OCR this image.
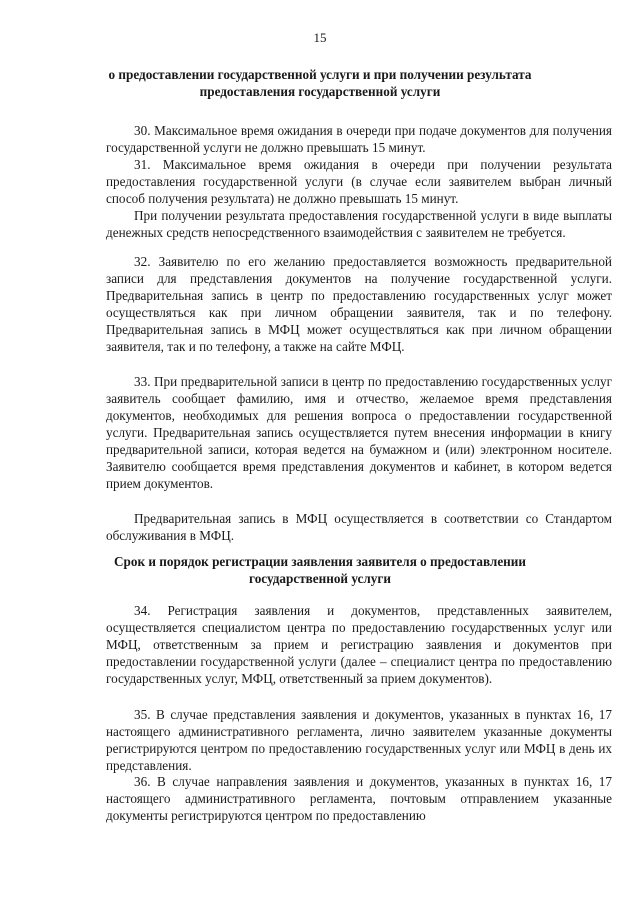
15
о предоставлении государственной услуги и при получении результата предоставления государственной услуги
30. Максимальное время ожидания в очереди при подаче документов для получения государственной услуги не должно превышать 15 минут.
31. Максимальное время ожидания в очереди при получении результата предоставления государственной услуги (в случае если заявителем выбран личный способ получения результата) не должно превышать 15 минут.
При получении результата предоставления государственной услуги в виде выплаты денежных средств непосредственного взаимодействия с заявителем не требуется.
32. Заявителю по его желанию предоставляется возможность предварительной записи для представления документов на получение государственной услуги. Предварительная запись в центр по предоставлению государственных услуг может осуществляться как при личном обращении заявителя, так и по телефону. Предварительная запись в МФЦ может осуществляться как при личном обращении заявителя, так и по телефону, а также на сайте МФЦ.
33. При предварительной записи в центр по предоставлению государственных услуг заявитель сообщает фамилию, имя и отчество, желаемое время представления документов, необходимых для решения вопроса о предоставлении государственной услуги. Предварительная запись осуществляется путем внесения информации в книгу предварительной записи, которая ведется на бумажном и (или) электронном носителе. Заявителю сообщается время представления документов и кабинет, в котором ведется прием документов.
Предварительная запись в МФЦ осуществляется в соответствии со Стандартом обслуживания в МФЦ.
Срок и порядок регистрации заявления заявителя о предоставлении государственной услуги
34. Регистрация заявления и документов, представленных заявителем, осуществляется специалистом центра по предоставлению государственных услуг или МФЦ, ответственным за прием и регистрацию заявления и документов при предоставлении государственной услуги (далее – специалист центра по предоставлению государственных услуг, МФЦ, ответственный за прием документов).
35. В случае представления заявления и документов, указанных в пунктах 16, 17 настоящего административного регламента, лично заявителем указанные документы регистрируются центром по предоставлению государственных услуг или МФЦ в день их представления.
36. В случае направления заявления и документов, указанных в пунктах 16, 17 настоящего административного регламента, почтовым отправлением указанные документы регистрируются центром по предоставлению
